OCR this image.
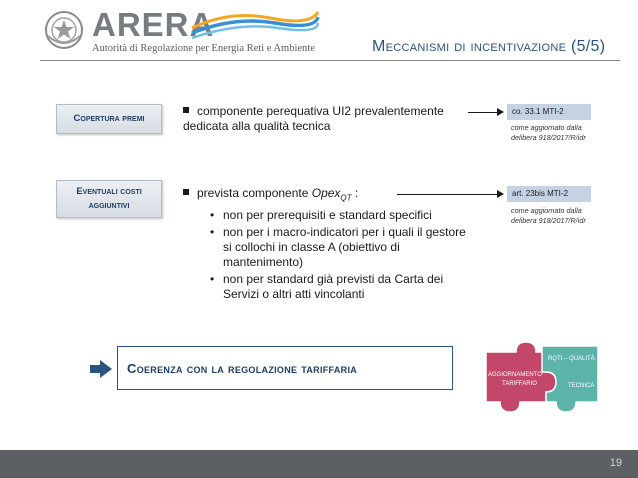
ARERA
Autorità di Regolazione per Energia Reti e Ambiente	Meccanismi di incentivazione (5/5)
Copertura premi
componente perequativa UI2 prevalentemente dedicata alla qualità tecnica
co. 33.1 MTI-2
come aggiornato dalla
delibera 918/2017/R/idr
Eventuali costi
aggiuntivi
prevista componente Opex$_{QT}$ :	art. 23bis MTI-2
come aggiornato dalla
delibera 918/2017/R/idr
• non per prerequisiti e standard specifici
• non per i macro-indicatori per i quali il gestore si collochi in classe A (obiettivo di mantenimento)
• non per standard già previsti da Carta dei Servizi o altri atti vincolanti
Coerenza con la regolazione tariffaria	AGGIORNAMENTO
TARIFFARIO
RQTI – QUALITÀ
TECNICA
19
